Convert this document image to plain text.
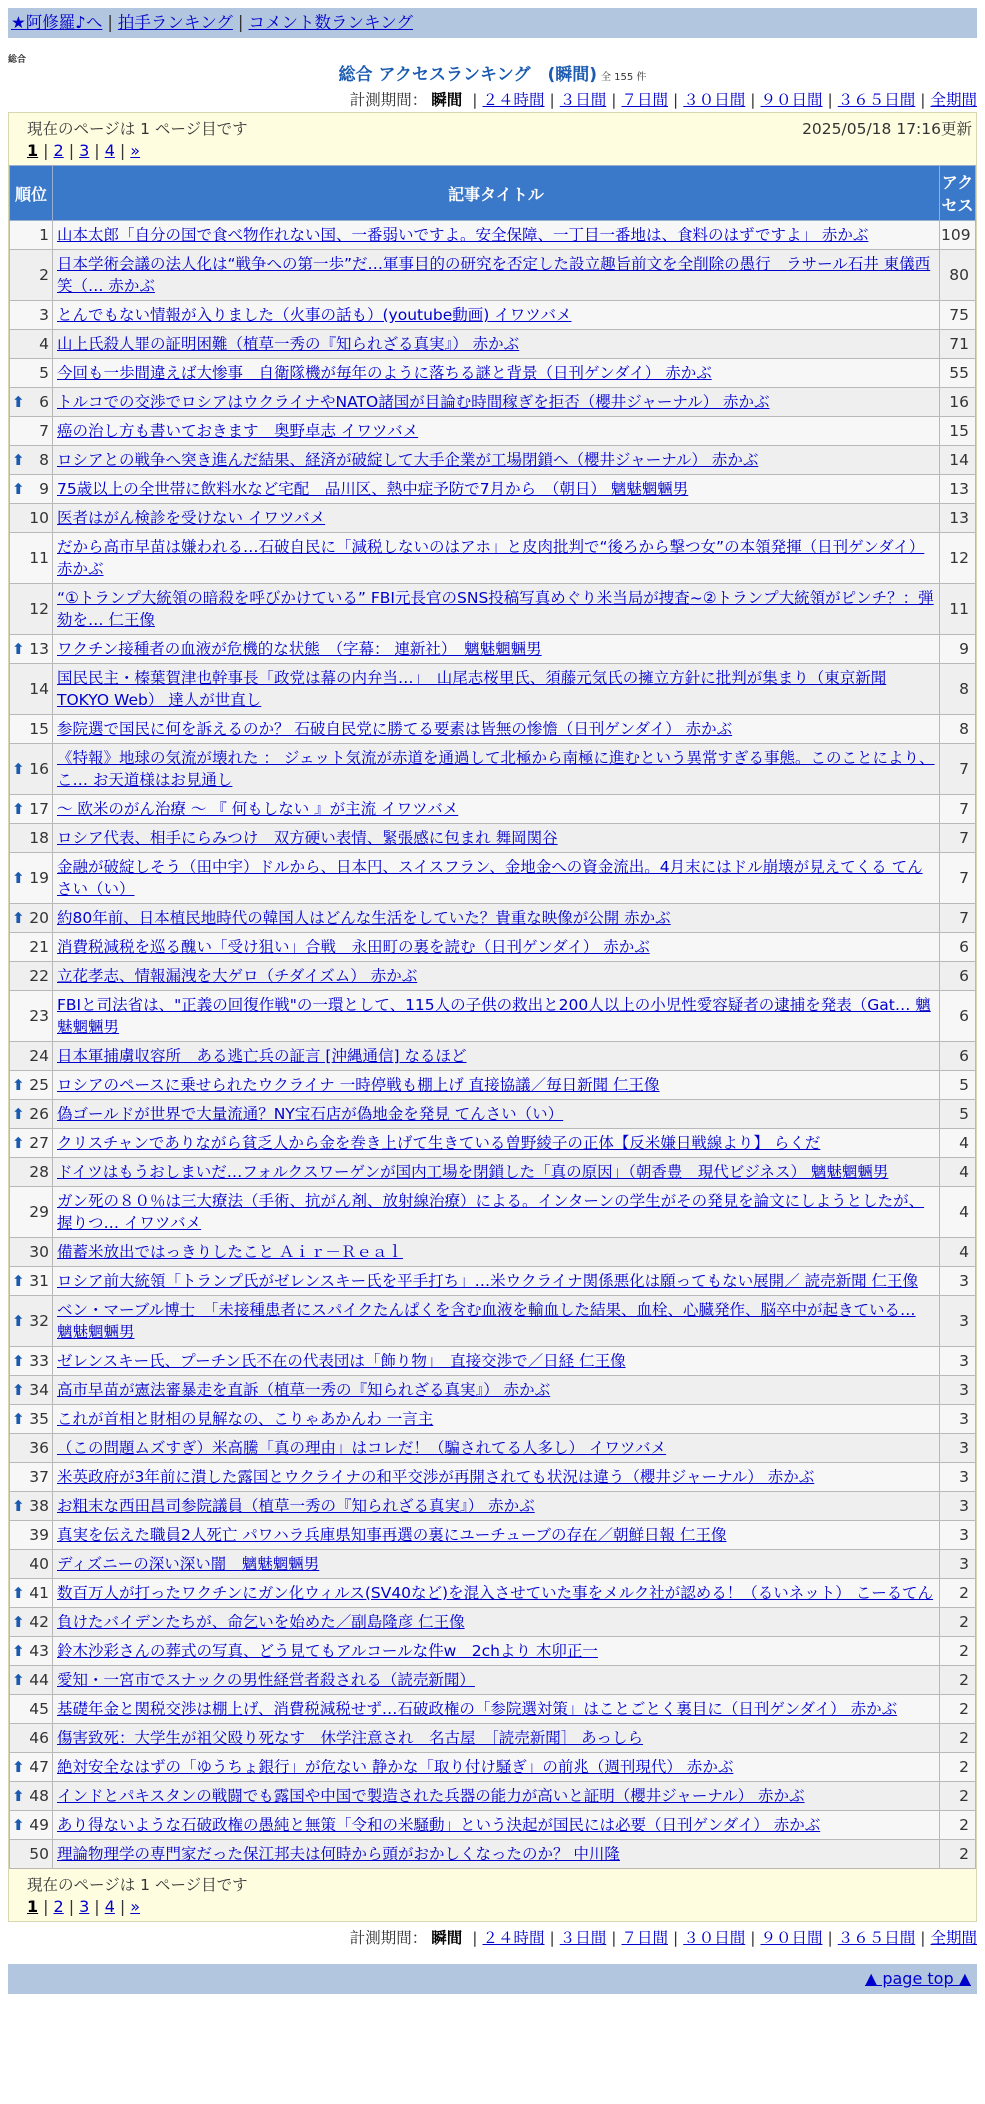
★阿修羅♪へ | 拍手ランキング | コメント数ランキング
総合
総合 アクセスランキング　(瞬間) 全 155 件
計測期間： 瞬間 | ２４時間 | ３日間 | ７日間 | ３０日間 | ９０日間 | ３６５日間 | 全期間
現在のページは 1 ページ目です	2025/05/18 17:16更新
1 | 2 | 3 | 4 | »
順位	記事タイトル	アクセス
1	山本太郎「自分の国で食べ物作れない国、一番弱いですよ。安全保障、一丁目一番地は、食料のはずですよ」 赤かぶ	109
2	日本学術会議の法人化は“戦争への第一歩”だ…軍事目的の研究を否定した設立趣旨前文を全削除の愚行　ラサール石井 東儀西笑（… 赤かぶ	80
3	とんでもない情報が入りました（火事の話も）(youtube動画) イワツバメ	75
4	山上氏殺人罪の証明困難（植草一秀の『知られざる真実』） 赤かぶ	71
5	今回も一歩間違えば大惨事　自衛隊機が毎年のように落ちる謎と背景（日刊ゲンダイ） 赤かぶ	55

⬆ 6	トルコでの交渉でロシアはウクライナやNATO諸国が目論む時間稼ぎを拒否（櫻井ジャーナル） 赤かぶ	16
7	癌の治し方も書いておきます　奥野卓志 イワツバメ	15

⬆ 8	ロシアとの戦争へ突き進んだ結果、経済が破綻して大手企業が工場閉鎖へ（櫻井ジャーナル） 赤かぶ	14

⬆ 9	75歳以上の全世帯に飲料水など宅配　品川区、熱中症予防で7月から　（朝日） 魑魅魍魎男	13
10	医者はがん検診を受けない イワツバメ	13
11	だから高市早苗は嫌われる…石破自民に「減税しないのはアホ」と皮肉批判で“後ろから撃つ女”の本領発揮（日刊ゲンダイ） 赤かぶ	12
12	“①トランプ大統領の暗殺を呼びかけている” FBI元長官のSNS投稿写真めぐり米当局が捜査~②トランプ大統領がピンチ？：弾劾を… 仁王像	11

⬆ 13	ワクチン接種者の血液が危機的な状態　（字幕： 連新社）　魑魅魍魎男	9
14	国民民主・榛葉賀津也幹事長「政党は幕の内弁当…」　山尾志桜里氏、須藤元気氏の擁立方針に批判が集まり（東京新聞TOKYO Web） 達人が世直し	8
15	参院選で国民に何を訴えるのか？ 石破自民党に勝てる要素は皆無の惨憺（日刊ゲンダイ） 赤かぶ	8

⬆ 16	《特報》地球の気流が壊れた ： ジェット気流が赤道を通過して北極から南極に進むという異常すぎる事態。このことにより、こ… お天道様はお見通し	7

⬆ 17	～ 欧米のがん治療 ～ 『 何もしない 』が主流 イワツバメ	7
18	ロシア代表、相手にらみつけ　双方硬い表情、緊張感に包まれ 舞岡関谷	7

⬆ 19	金融が破綻しそう（田中宇）ドルから、日本円、スイスフラン、金地金への資金流出。4月末にはドル崩壊が見えてくる てんさい（い）	7

⬆ 20	約80年前、日本植民地時代の韓国人はどんな生活をしていた？貴重な映像が公開 赤かぶ	7
21	消費税減税を巡る醜い「受け狙い」合戦　永田町の裏を読む（日刊ゲンダイ） 赤かぶ	6
22	立花孝志、情報漏洩を大ゲロ（チダイズム） 赤かぶ	6
23	FBIと司法省は、"正義の回復作戦"の一環として、115人の子供の救出と200人以上の小児性愛容疑者の逮捕を発表（Gat… 魑魅魍魎男	6
24	日本軍捕虜収容所　ある逃亡兵の証言 [沖縄通信] なるほど	6

⬆ 25	ロシアのペースに乗せられたウクライナ 一時停戦も棚上げ 直接協議／毎日新聞 仁王像	5

⬆ 26	偽ゴールドが世界で大量流通？NY宝石店が偽地金を発見 てんさい（い）	5

⬆ 27	クリスチャンでありながら貧乏人から金を巻き上げて生きている曽野綾子の正体【反米嫌日戦線より】 らくだ	4
28	ドイツはもうおしまいだ…フォルクスワーゲンが国内工場を閉鎖した「真の原因」（朝香豊　現代ビジネス） 魑魅魍魎男	4
29	ガン死の８０％は三大療法（手術、抗がん剤、放射線治療）による。インターンの学生がその発見を論文にしようとしたが、握りつ… イワツバメ	4
30	備蓄米放出ではっきりしたこと Ａｉｒ－Ｒｅａｌ	4

⬆ 31	ロシア前大統領「トランプ氏がゼレンスキー氏を平手打ち」…米ウクライナ関係悪化は願ってもない展開／ 読売新聞 仁王像	3

⬆ 32	ベン・マーブル博士　「未接種患者にスパイクたんぱくを含む血液を輸血した結果、血栓、心臓発作、脳卒中が起きている… 魑魅魍魎男	3

⬆ 33	ゼレンスキー氏、プーチン氏不在の代表団は「飾り物」　直接交渉で／日経 仁王像	3

⬆ 34	高市早苗が憲法審暴走を直訴（植草一秀の『知られざる真実』） 赤かぶ	3

⬆ 35	これが首相と財相の見解なの、こりゃあかんわ 一言主	3
36	（この問題ムズすぎ）米高騰「真の理由」はコレだ！（騙されてる人多し） イワツバメ	3
37	米英政府が3年前に潰した露国とウクライナの和平交渉が再開されても状況は違う（櫻井ジャーナル） 赤かぶ	3

⬆ 38	お粗末な西田昌司参院議員（植草一秀の『知られざる真実』） 赤かぶ	3
39	真実を伝えた職員2人死亡 パワハラ兵庫県知事再選の裏にユーチューブの存在／朝鮮日報 仁王像	3
40	ディズニーの深い深い闇　魑魅魍魎男	3

⬆ 41	数百万人が打ったワクチンにガン化ウィルス(SV40など)を混入させていた事をメルク社が認める！（るいネット） こーるてん	2

⬆ 42	負けたバイデンたちが、命乞いを始めた／副島隆彦 仁王像	2

⬆ 43	鈴木沙彩さんの葬式の写真、どう見てもアルコールな件w　2chより 木卯正一	2

⬆ 44	愛知・一宮市でスナックの男性経営者殺される（読売新聞）	2
45	基礎年金と関税交渉は棚上げ、消費税減税せず…石破政権の「参院選対策」はことごとく裏目に（日刊ゲンダイ） 赤かぶ	2
46	傷害致死：大学生が祖父殴り死なす　休学注意され　名古屋　［読売新聞］ あっしら	2

⬆ 47	絶対安全なはずの「ゆうちょ銀行」が危ない 静かな「取り付け騒ぎ」の前兆（週刊現代） 赤かぶ	2

⬆ 48	インドとパキスタンの戦闘でも露国や中国で製造された兵器の能力が高いと証明（櫻井ジャーナル） 赤かぶ	2

⬆ 49	あり得ないような石破政権の愚純と無策「令和の米騒動」という決起が国民には必要（日刊ゲンダイ） 赤かぶ	2
50	理論物理学の専門家だった保江邦夫は何時から頭がおかしくなったのか？ 中川隆	2
現在のページは 1 ページ目です
1 | 2 | 3 | 4 | »
計測期間： 瞬間 | ２４時間 | ３日間 | ７日間 | ３０日間 | ９０日間 | ３６５日間 | 全期間
▲ page top ▲
